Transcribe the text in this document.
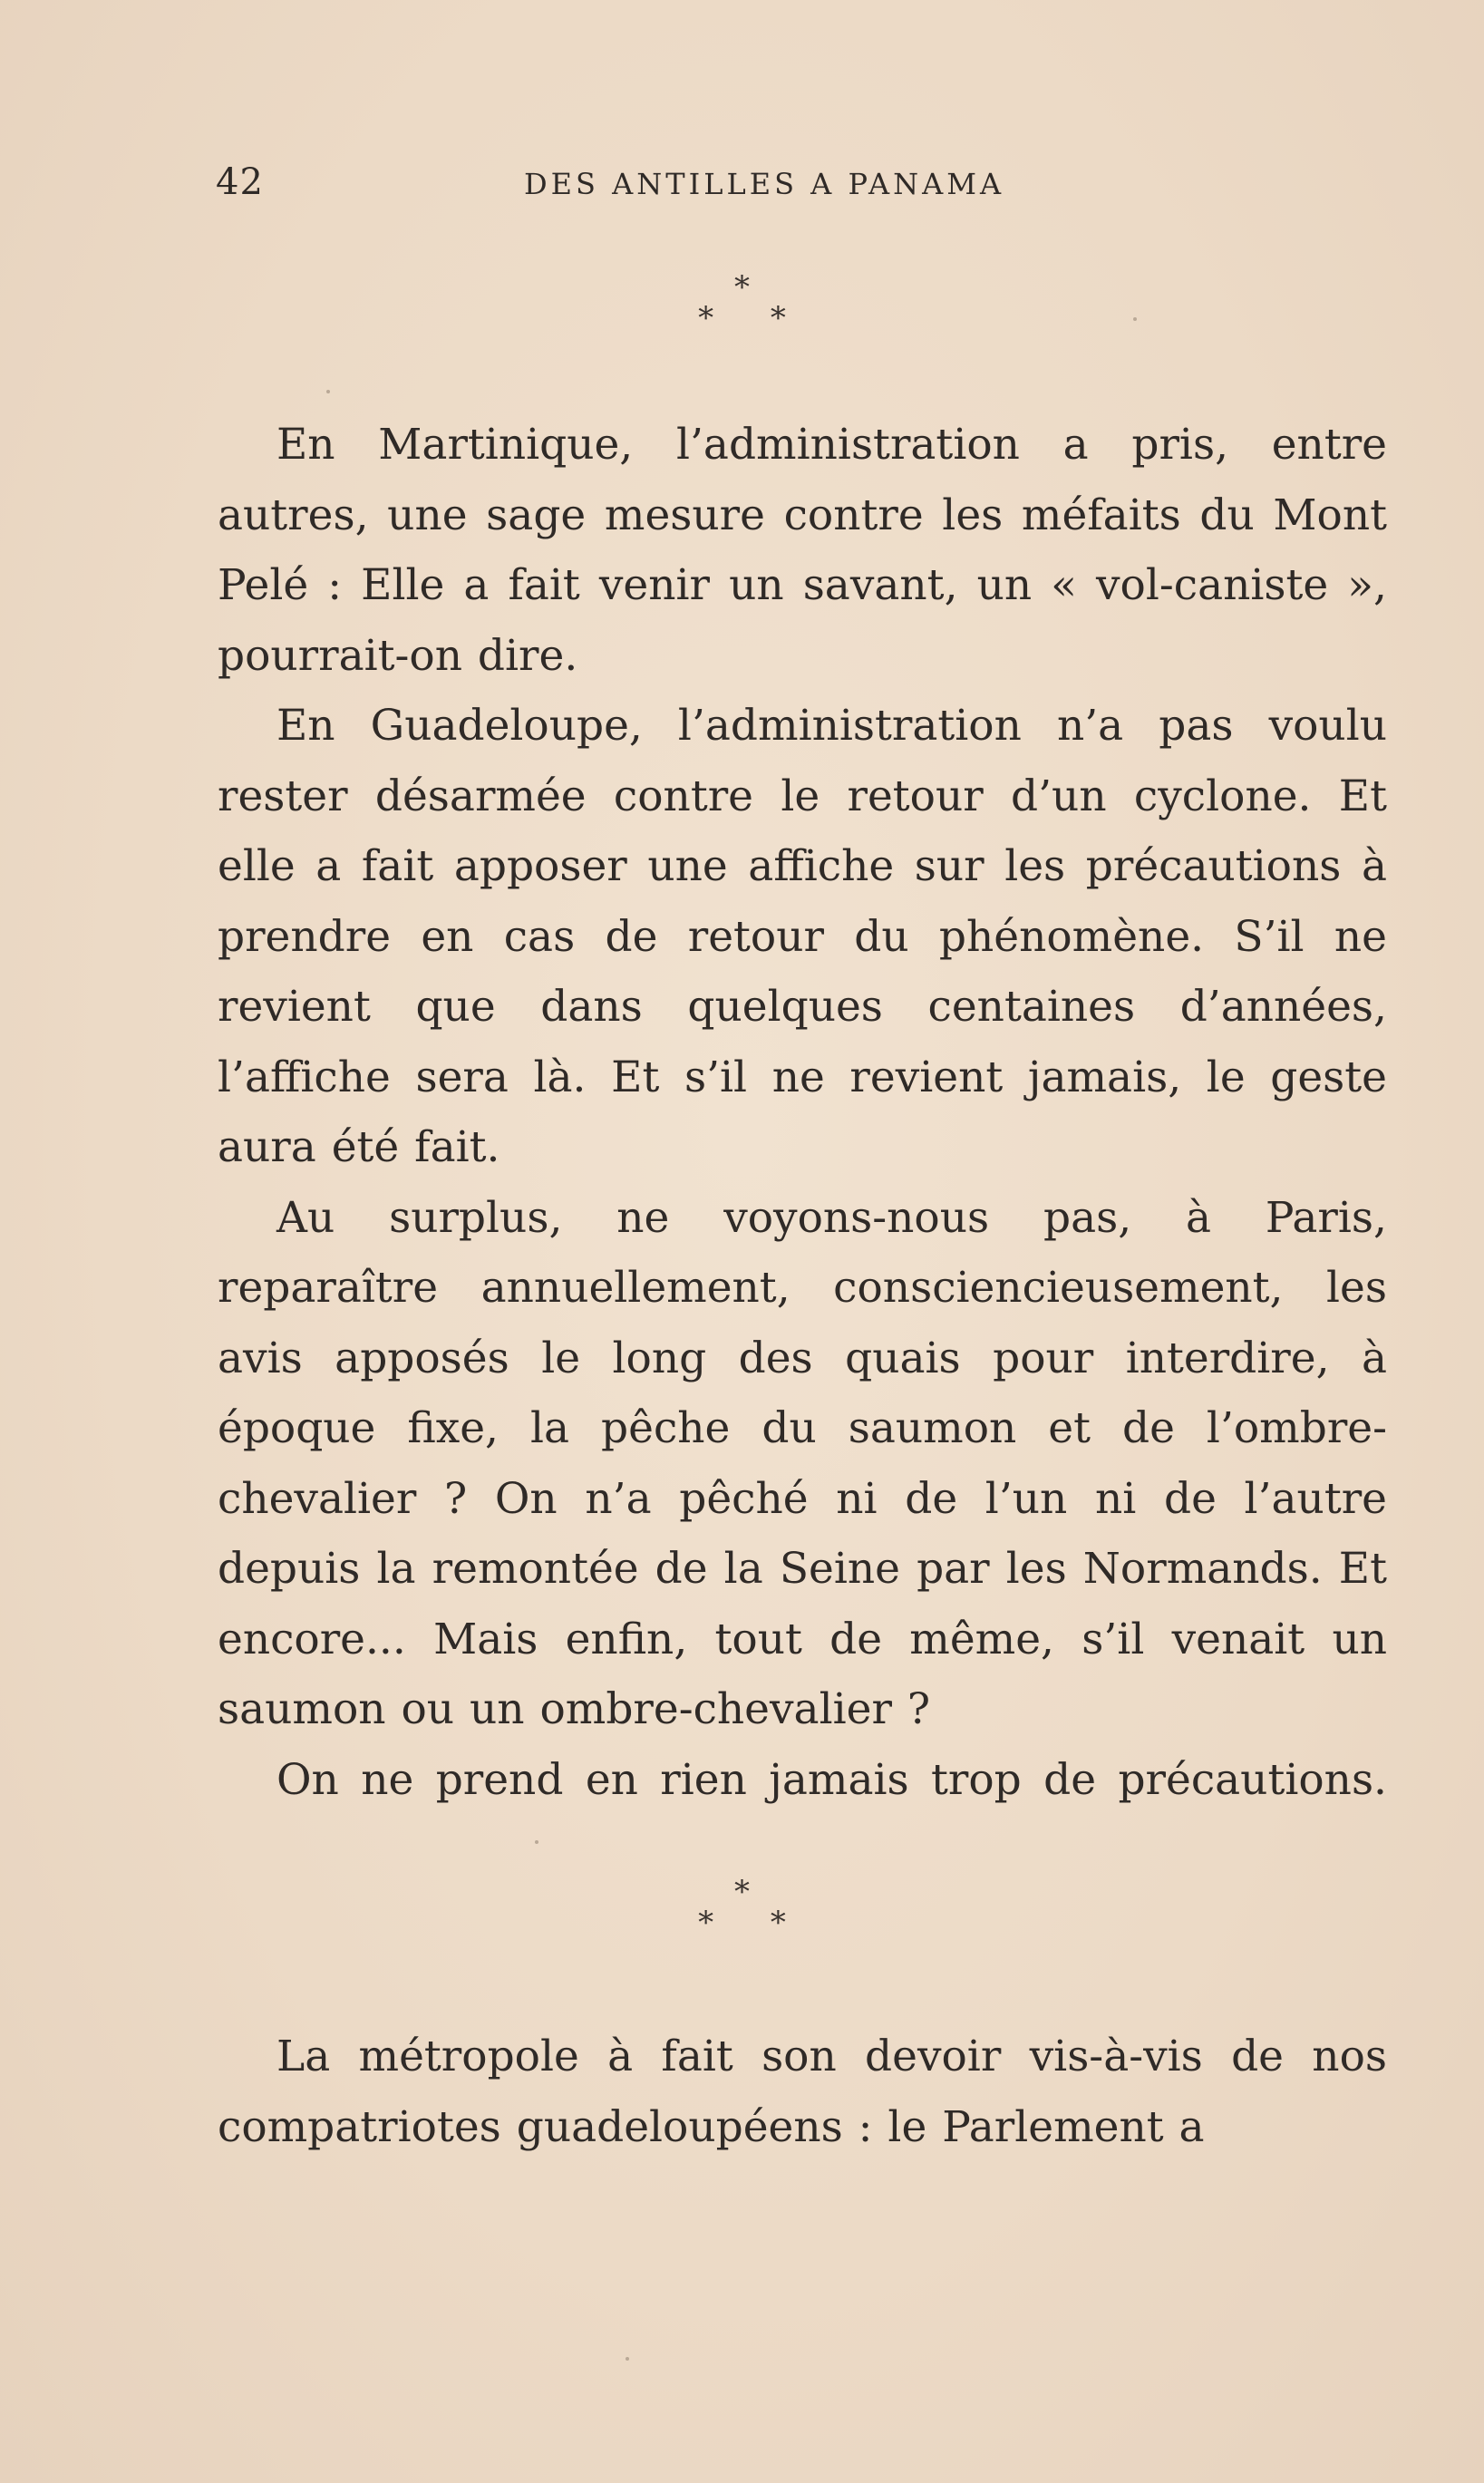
42	DES ANTILLES A PANAMA
*
* *

En Martinique, l’administration a pris, entre autres, une sage mesure contre les méfaits du Mont Pelé : Elle a fait venir un savant, un « vol-caniste », pourrait-on dire.

En Guadeloupe, l’administration n’a pas voulu rester désarmée contre le retour d’un cyclone. Et elle a fait apposer une affiche sur les précautions à prendre en cas de retour du phénomène. S’il ne revient que dans quelques centaines d’années, l’affiche sera là. Et s’il ne revient jamais, le geste aura été fait.

Au surplus, ne voyons-nous pas, à Paris, reparaître annuellement, consciencieusement, les avis apposés le long des quais pour interdire, à époque fixe, la pêche du saumon et de l’ombre-chevalier ? On n’a pêché ni de l’un ni de l’autre depuis la remontée de la Seine par les Normands. Et encore... Mais enfin, tout de même, s’il venait un saumon ou un ombre-chevalier ?

On ne prend en rien jamais trop de précautions.

*
* *

La métropole à fait son devoir vis-à-vis de nos compatriotes guadeloupéens : le Parlement a
